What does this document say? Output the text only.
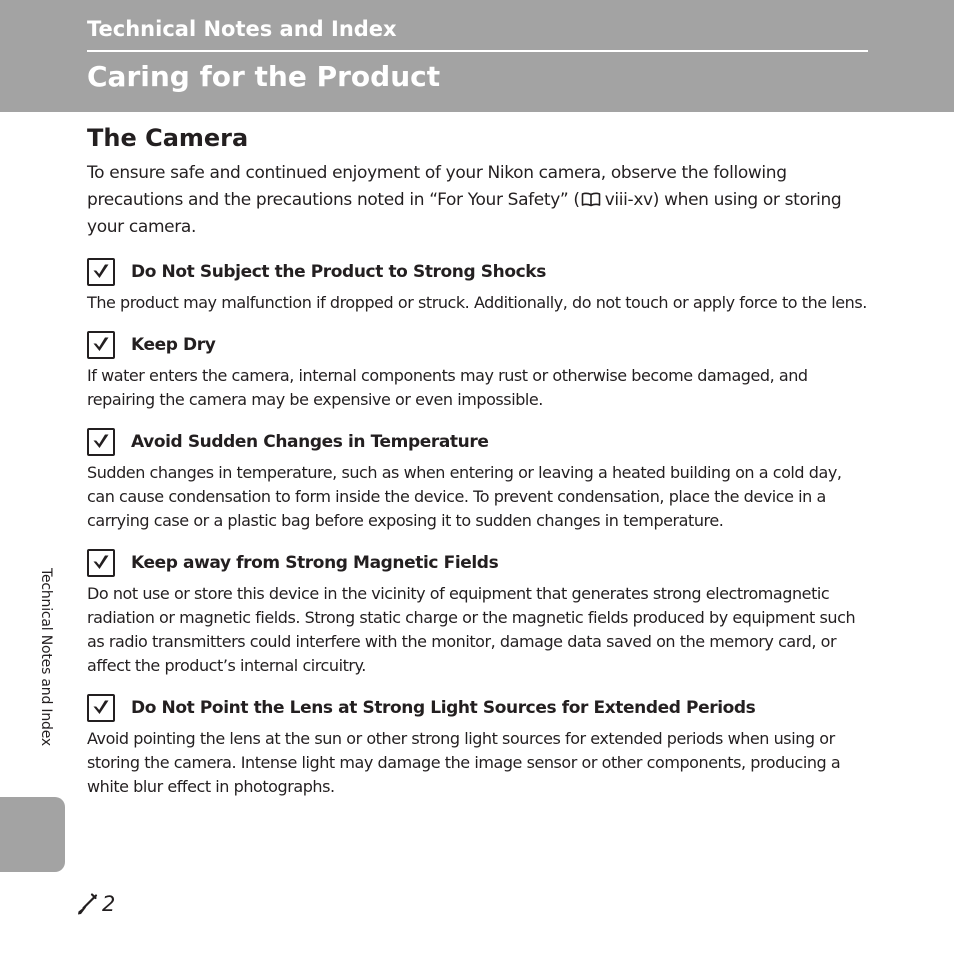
Technical Notes and Index
Caring for the Product
The Camera

To ensure safe and continued enjoyment of your Nikon camera, observe the following precautions and the precautions noted in “For Your Safety” ( viii-xv) when using or storing your camera.

Do Not Subject the Product to Strong Shocks

The product may malfunction if dropped or struck. Additionally, do not touch or apply force to the lens.

Keep Dry

If water enters the camera, internal components may rust or otherwise become damaged, and repairing the camera may be expensive or even impossible.

Avoid Sudden Changes in Temperature

Sudden changes in temperature, such as when entering or leaving a heated building on a cold day, can cause condensation to form inside the device. To prevent condensation, place the device in a carrying case or a plastic bag before exposing it to sudden changes in temperature.

Keep away from Strong Magnetic Fields

Do not use or store this device in the vicinity of equipment that generates strong electromagnetic radiation or magnetic fields. Strong static charge or the magnetic fields produced by equipment such as radio transmitters could interfere with the monitor, damage data saved on the memory card, or affect the product’s internal circuitry.

Do Not Point the Lens at Strong Light Sources for Extended Periods

Avoid pointing the lens at the sun or other strong light sources for extended periods when using or storing the camera. Intense light may damage the image sensor or other components, producing a white blur effect in photographs.

Technical Notes and Index
2
